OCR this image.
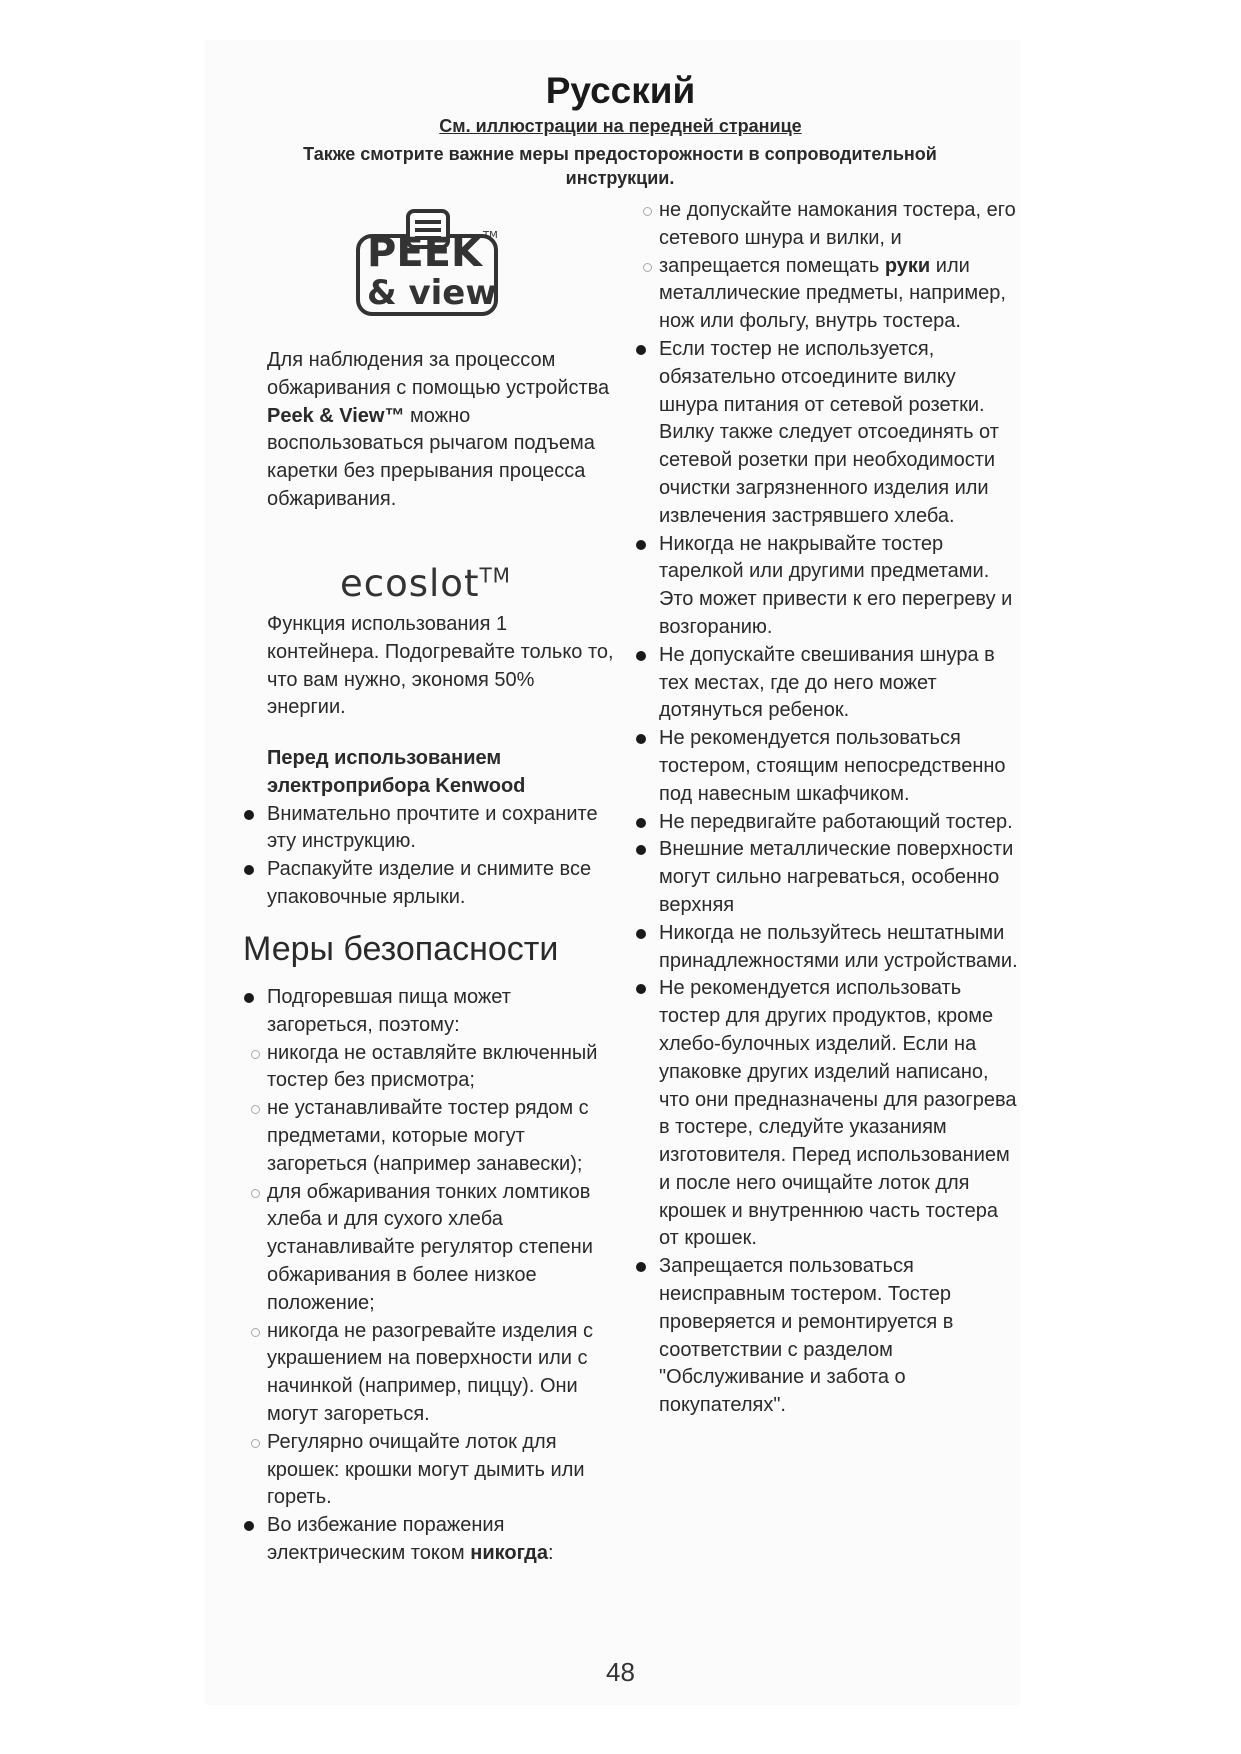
Русский
См. иллюстрации на передней странице
Также смотрите важние меры предосторожности в сопроводительной инструкции.
PEEK TM
& view
Для наблюдения за процессом обжаривания с помощью устройства Peek & View™ можно воспользоваться рычагом подъема каретки без прерывания процесса обжаривания.
ecoslot™
Функция использования 1 контейнера. Подогревайте только то, что вам нужно, экономя 50% энергии.
Перед использованием электроприбора Kenwood
Внимательно прочтите и сохраните эту инструкцию.
Распакуйте изделие и снимите все упаковочные ярлыки.
Меры безопасности
Подгоревшая пища может загореться, поэтому:
никогда не оставляйте включенный тостер без присмотра;
не устанавливайте тостер рядом с предметами, которые могут загореться (например занавески);
для обжаривания тонких ломтиков хлеба и для сухого хлеба устанавливайте регулятор степени обжаривания в более низкое положение;
никогда не разогревайте изделия с украшением на поверхности или с начинкой (например, пиццу). Они могут загореться.
Регулярно очищайте лоток для крошек: крошки могут дымить или гореть.
Во избежание поражения электрическим током никогда:
не допускайте намокания тостера, его сетевого шнура и вилки, и
запрещается помещать руки или металлические предметы, например, нож или фольгу, внутрь тостера.
Если тостер не используется, обязательно отсоедините вилку шнура питания от сетевой розетки. Вилку также следует отсоединять от сетевой розетки при необходимости очистки загрязненного изделия или извлечения застрявшего хлеба.
Никогда не накрывайте тостер тарелкой или другими предметами. Это может привести к его перегреву и возгоранию.
Не допускайте свешивания шнура в тех местах, где до него может дотянуться ребенок.
Не рекомендуется пользоваться тостером, стоящим непосредственно под навесным шкафчиком.
Не передвигайте работающий тостер.
Внешние металлические поверхности могут сильно нагреваться, особенно верхняя
Никогда не пользуйтесь нештатными принадлежностями или устройствами.
Не рекомендуется использовать тостер для других продуктов, кроме хлебо-булочных изделий. Если на упаковке других изделий написано, что они предназначены для разогрева в тостере, следуйте указаниям изготовителя. Перед использованием и после него очищайте лоток для крошек и внутреннюю часть тостера от крошек.
Запрещается пользоваться неисправным тостером. Тостер проверяется и ремонтируется в соответствии с разделом "Обслуживание и забота о покупателях".
48
